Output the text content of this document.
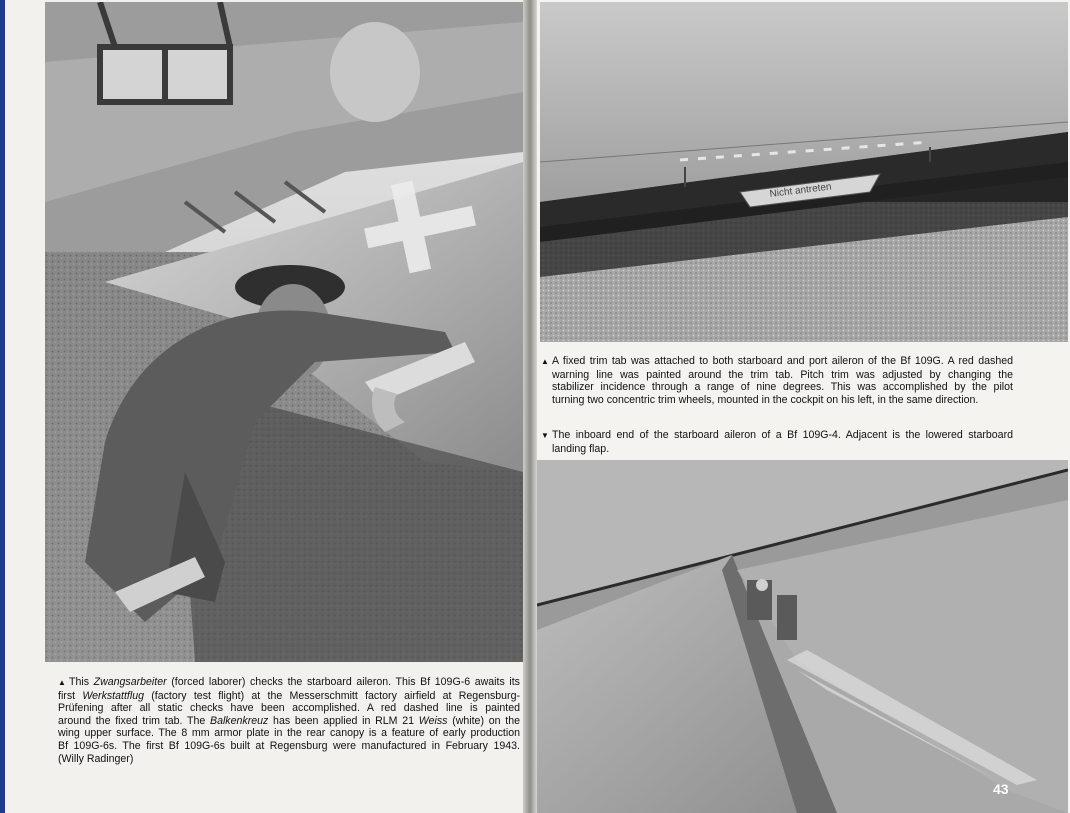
Nicht antreten
▲ This Zwangsarbeiter (forced laborer) checks the starboard aileron. This Bf 109G-6 awaits its
first Werkstattflug (factory test flight) at the Messerschmitt factory airfield at Regensburg-
Prüfening after all static checks have been accomplished. A red dashed line is painted
around the fixed trim tab. The Balkenkreuz has been applied in RLM 21 Weiss (white) on the
wing upper surface. The 8 mm armor plate in the rear canopy is a feature of early production
Bf 109G-6s. The first Bf 109G-6s built at Regensburg were manufactured in February 1943.
(Willy Radinger)
▲ A fixed trim tab was attached to both starboard and port aileron of the Bf 109G. A red dashed
warning line was painted around the trim tab. Pitch trim was adjusted by changing the
stabilizer incidence through a range of nine degrees. This was accomplished by the pilot
turning two concentric trim wheels, mounted in the cockpit on his left, in the same direction.
▼ The inboard end of the starboard aileron of a Bf 109G-4. Adjacent is the lowered starboard
landing flap.
43
